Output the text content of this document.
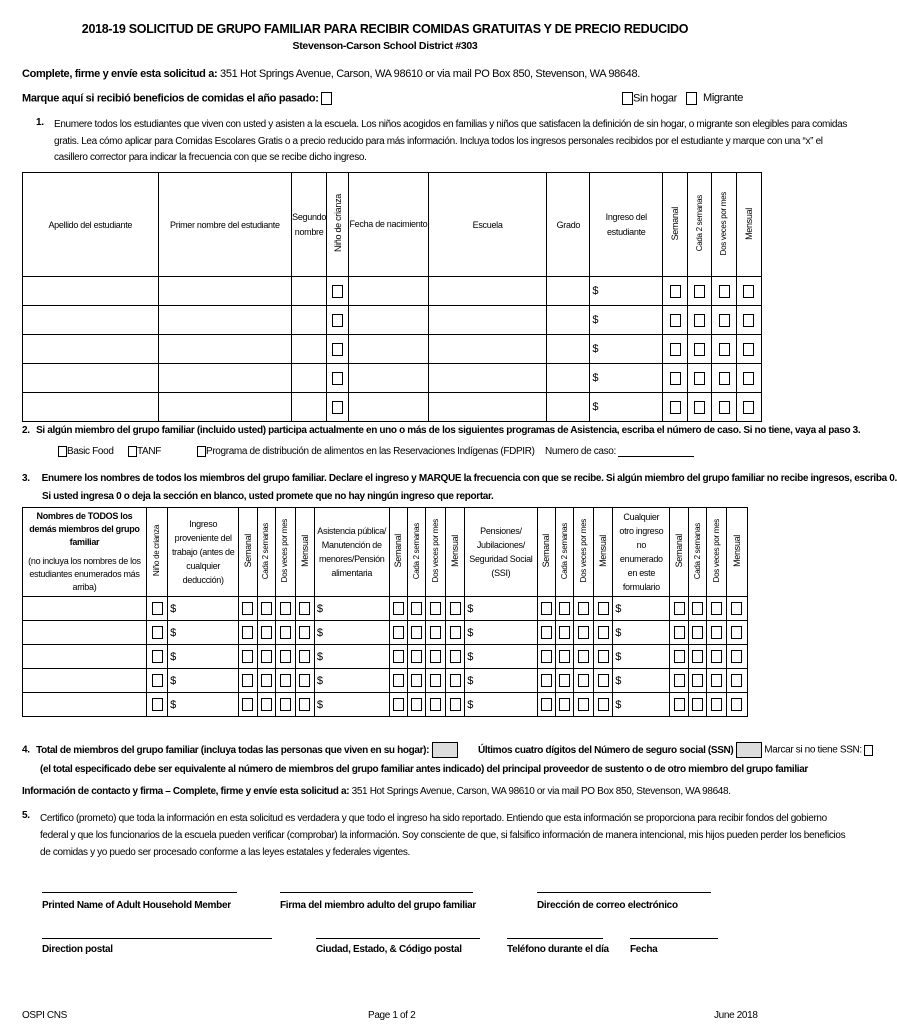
2018-19 SOLICITUD DE GRUPO FAMILIAR PARA RECIBIR COMIDAS GRATUITAS Y DE PRECIO REDUCIDO
Stevenson-Carson School District #303
Complete, firme y envíe esta solicitud a: 351 Hot Springs Avenue, Carson, WA 98610 or via mail PO Box 850, Stevenson, WA 98648.
Marque aquí si recibió beneficios de comidas el año pasado:	Sin hogar	Migrante
1. Enumere todos los estudiantes que viven con usted y asisten a la escuela. Los niños acogidos en familias y niños que satisfacen la definición de sin hogar, o migrante son elegibles para comidas
gratis. Lea cómo aplicar para Comidas Escolares Gratis o a precio reducido para más información. Incluya todos los ingresos personales recibidos por el estudiante y marque con una “x” el
casillero corrector para indicar la frecuencia con que se recibe dicho ingreso.
Apellido del estudiante	Primer nombre del estudiante	Segundo nombre	Niño de crianza	Fecha de nacimiento	Escuela	Grado	Ingreso del estudiante	Semanal	Cada 2 semanas	Dos veces por mes	Mensual
							$				
							$				
							$				
							$				
							$				
2. Si algún miembro del grupo familiar (incluido usted) participa actualmente en uno o más de los siguientes programas de Asistencia, escriba el número de caso. Si no tiene, vaya al paso 3.
Basic Food	TANF	Programa de distribución de alimentos en las Reservaciones Indígenas (FDPIR) Numero de caso:
3. Enumere los nombres de todos los miembros del grupo familiar. Declare el ingreso y MARQUE la frecuencia con que se recibe. Si algún miembro del grupo familiar no recibe ingresos, escriba 0.
Si usted ingresa 0 o deja la sección en blanco, usted promete que no hay ningún ingreso que reportar.
Nombres de TODOS los demás miembros del grupo familiar
(no incluya los nombres de los estudiantes enumerados más arriba)	Niño de crianza	Ingreso proveniente del trabajo (antes de cualquier deducción)	Semanal	Cada 2 semanas	Dos veces por mes	Mensual	Asistencia pública/ Manutención de menores/Pensión alimentaria	Semanal	Cada 2 semanas	Dos veces por mes	Mensual	Pensiones/ Jubilaciones/ Seguridad Social (SSI)	Semanal	Cada 2 semanas	Dos veces por mes	Mensual	Cualquier otro ingreso no enumerado en este formulario	Semanal	Cada 2 semanas	Dos veces por mes	Mensual
		$					$					$					$				
		$					$					$					$				
		$					$					$					$				
		$					$					$					$				
		$					$					$					$				
4. Total de miembros del grupo familiar (incluya todas las personas que viven en su hogar):	Últimos cuatro dígitos del Número de seguro social (SSN)	Marcar si no tiene SSN:
(el total especificado debe ser equivalente al número de miembros del grupo familiar antes indicado) del principal proveedor de sustento o de otro miembro del grupo familiar
Información de contacto y firma – Complete, firme y envíe esta solicitud a: 351 Hot Springs Avenue, Carson, WA 98610 or via mail PO Box 850, Stevenson, WA 98648.
5. Certifico (prometo) que toda la información en esta solicitud es verdadera y que todo el ingreso ha sido reportado. Entiendo que esta información se proporciona para recibir fondos del gobierno
federal y que los funcionarios de la escuela pueden verificar (comprobar) la información. Soy consciente de que, si falsifico información de manera intencional, mis hijos pueden perder los beneficios
de comidas y yo puedo ser procesado conforme a las leyes estatales y federales vigentes.
Printed Name of Adult Household Member	Firma del miembro adulto del grupo familiar	Dirección de correo electrónico
Direction postal	Ciudad, Estado, & Código postal	Teléfono durante el día Fecha
OSPI CNS	Page 1 of 2	June 2018
